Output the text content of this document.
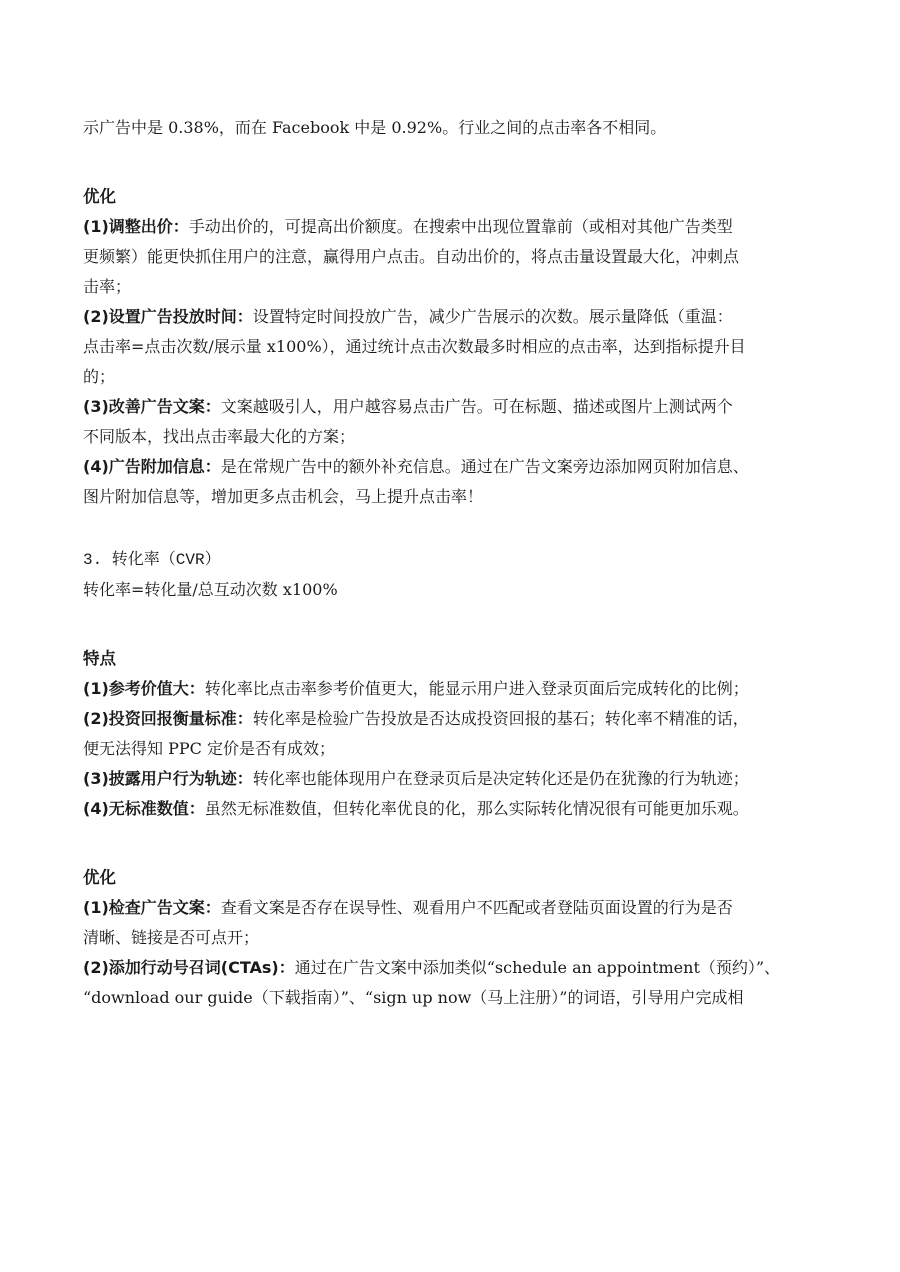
示广告中是 0.38%，而在 Facebook 中是 0.92%。行业之间的点击率各不相同。
优化
(1)调整出价：手动出价的，可提高出价额度。在搜索中出现位置靠前（或相对其他广告类型
更频繁）能更快抓住用户的注意，赢得用户点击。自动出价的，将点击量设置最大化，冲刺点
击率；
(2)设置广告投放时间：设置特定时间投放广告，减少广告展示的次数。展示量降低（重温：
点击率=点击次数/展示量 x100%），通过统计点击次数最多时相应的点击率，达到指标提升目
的；
(3)改善广告文案：文案越吸引人，用户越容易点击广告。可在标题、描述或图片上测试两个
不同版本，找出点击率最大化的方案；
(4)广告附加信息：是在常规广告中的额外补充信息。通过在广告文案旁边添加网页附加信息、
图片附加信息等，增加更多点击机会，马上提升点击率！
3. 转化率（CVR）
转化率=转化量/总互动次数 x100%
特点
(1)参考价值大：转化率比点击率参考价值更大，能显示用户进入登录页面后完成转化的比例；
(2)投资回报衡量标准：转化率是检验广告投放是否达成投资回报的基石；转化率不精准的话，
便无法得知 PPC 定价是否有成效；
(3)披露用户行为轨迹：转化率也能体现用户在登录页后是决定转化还是仍在犹豫的行为轨迹；
(4)无标准数值：虽然无标准数值，但转化率优良的化，那么实际转化情况很有可能更加乐观。
优化
(1)检查广告文案：查看文案是否存在误导性、观看用户不匹配或者登陆页面设置的行为是否
清晰、链接是否可点开；
(2)添加行动号召词(CTAs)：通过在广告文案中添加类似“schedule an appointment（预约）”、
“download our guide（下载指南）”、“sign up now（马上注册）”的词语，引导用户完成相
